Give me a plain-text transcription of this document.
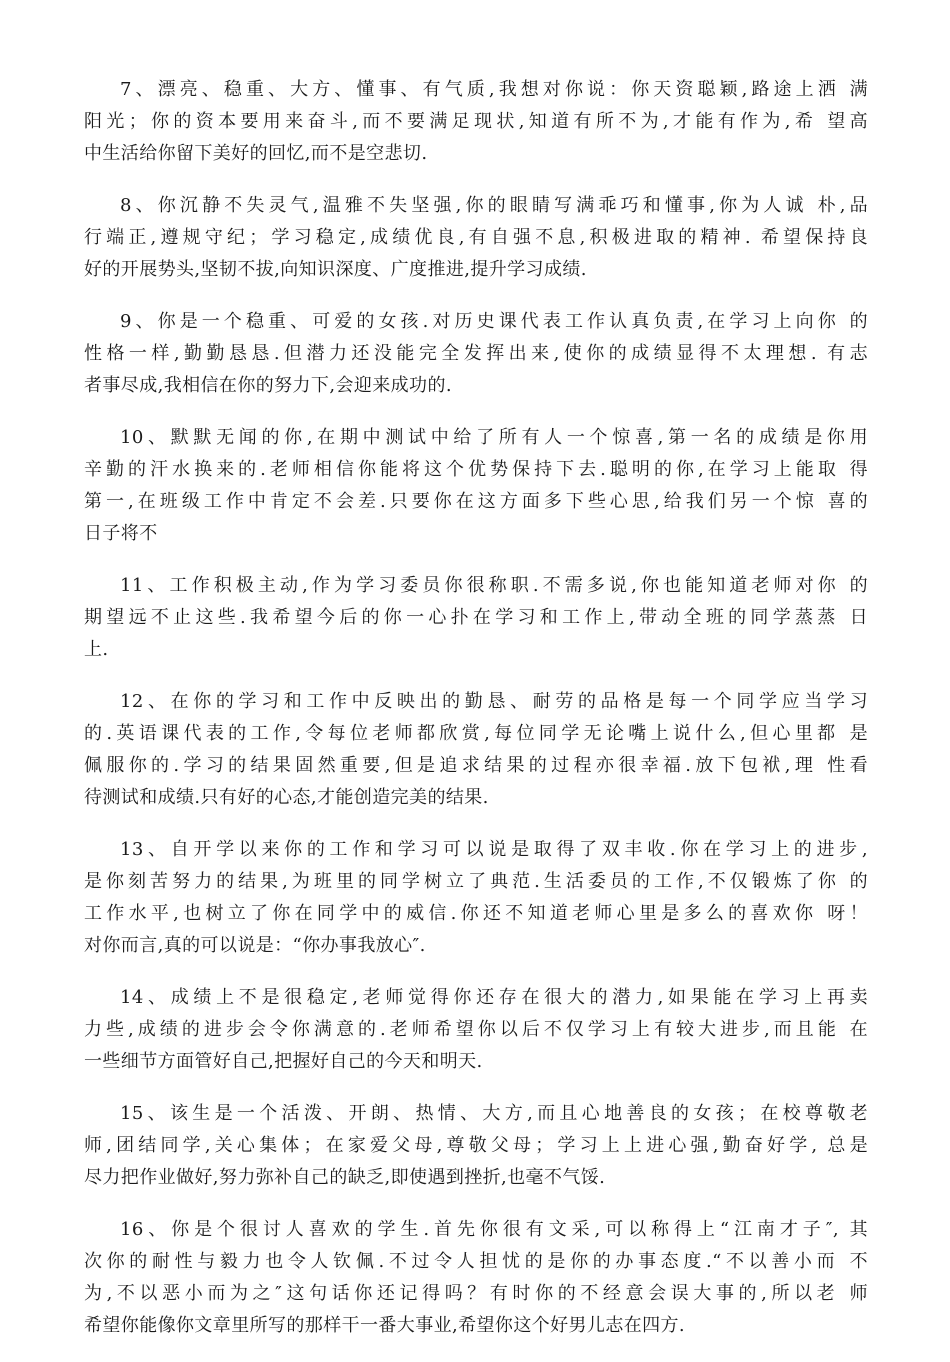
7、漂亮、稳重、大方、懂事、有气质,我想对你说：你天资聪颖,路途上洒 满
阳光；你的资本要用来奋斗,而不要满足现状,知道有所不为,才能有作为,希 望高
中生活给你留下美好的回忆,而不是空悲切.
8、你沉静不失灵气,温雅不失坚强,你的眼睛写满乖巧和懂事,你为人诚 朴,品
行端正,遵规守纪；学习稳定,成绩优良,有自强不息,积极进取的精神. 希望保持良
好的开展势头,坚韧不拔,向知识深度、广度推进,提升学习成绩.
9、你是一个稳重、可爱的女孩.对历史课代表工作认真负责,在学习上向你 的
性格一样,勤勤恳恳.但潜力还没能完全发挥出来,使你的成绩显得不太理想. 有志
者事尽成,我相信在你的努力下,会迎来成功的.
10、默默无闻的你,在期中测试中给了所有人一个惊喜,第一名的成绩是你用
辛勤的汗水换来的.老师相信你能将这个优势保持下去.聪明的你,在学习上能取 得
第一,在班级工作中肯定不会差.只要你在这方面多下些心思,给我们另一个惊 喜的
日子将不
11、工作积极主动,作为学习委员你很称职.不需多说,你也能知道老师对你 的
期望远不止这些.我希望今后的你一心扑在学习和工作上,带动全班的同学蒸蒸 日
上.
12、在你的学习和工作中反映出的勤恳、耐劳的品格是每一个同学应当学习
的.英语课代表的工作,令每位老师都欣赏,每位同学无论嘴上说什么,但心里都 是
佩服你的.学习的结果固然重要,但是追求结果的过程亦很幸福.放下包袱,理 性看
待测试和成绩.只有好的心态,才能创造完美的结果.
13、自开学以来你的工作和学习可以说是取得了双丰收.你在学习上的进步,
是你刻苦努力的结果,为班里的同学树立了典范.生活委员的工作,不仅锻炼了你 的
工作水平,也树立了你在同学中的威信.你还不知道老师心里是多么的喜欢你 呀！
对你而言,真的可以说是：“你办事我放心″.
14、成绩上不是很稳定,老师觉得你还存在很大的潜力,如果能在学习上再卖
力些,成绩的进步会令你满意的.老师希望你以后不仅学习上有较大进步,而且能 在
一些细节方面管好自己,把握好自己的今天和明天.
15、该生是一个活泼、开朗、热情、大方,而且心地善良的女孩；在校尊敬老
师,团结同学,关心集体；在家爱父母,尊敬父母；学习上上进心强,勤奋好学, 总是
尽力把作业做好,努力弥补自己的缺乏,即使遇到挫折,也毫不气馁.
16、你是个很讨人喜欢的学生.首先你很有文采,可以称得上“江南才子″, 其
次你的耐性与毅力也令人钦佩.不过令人担忧的是你的办事态度.“不以善小而 不
为,不以恶小而为之″这句话你还记得吗？有时你的不经意会误大事的,所以老 师
希望你能像你文章里所写的那样干一番大事业,希望你这个好男儿志在四方.
